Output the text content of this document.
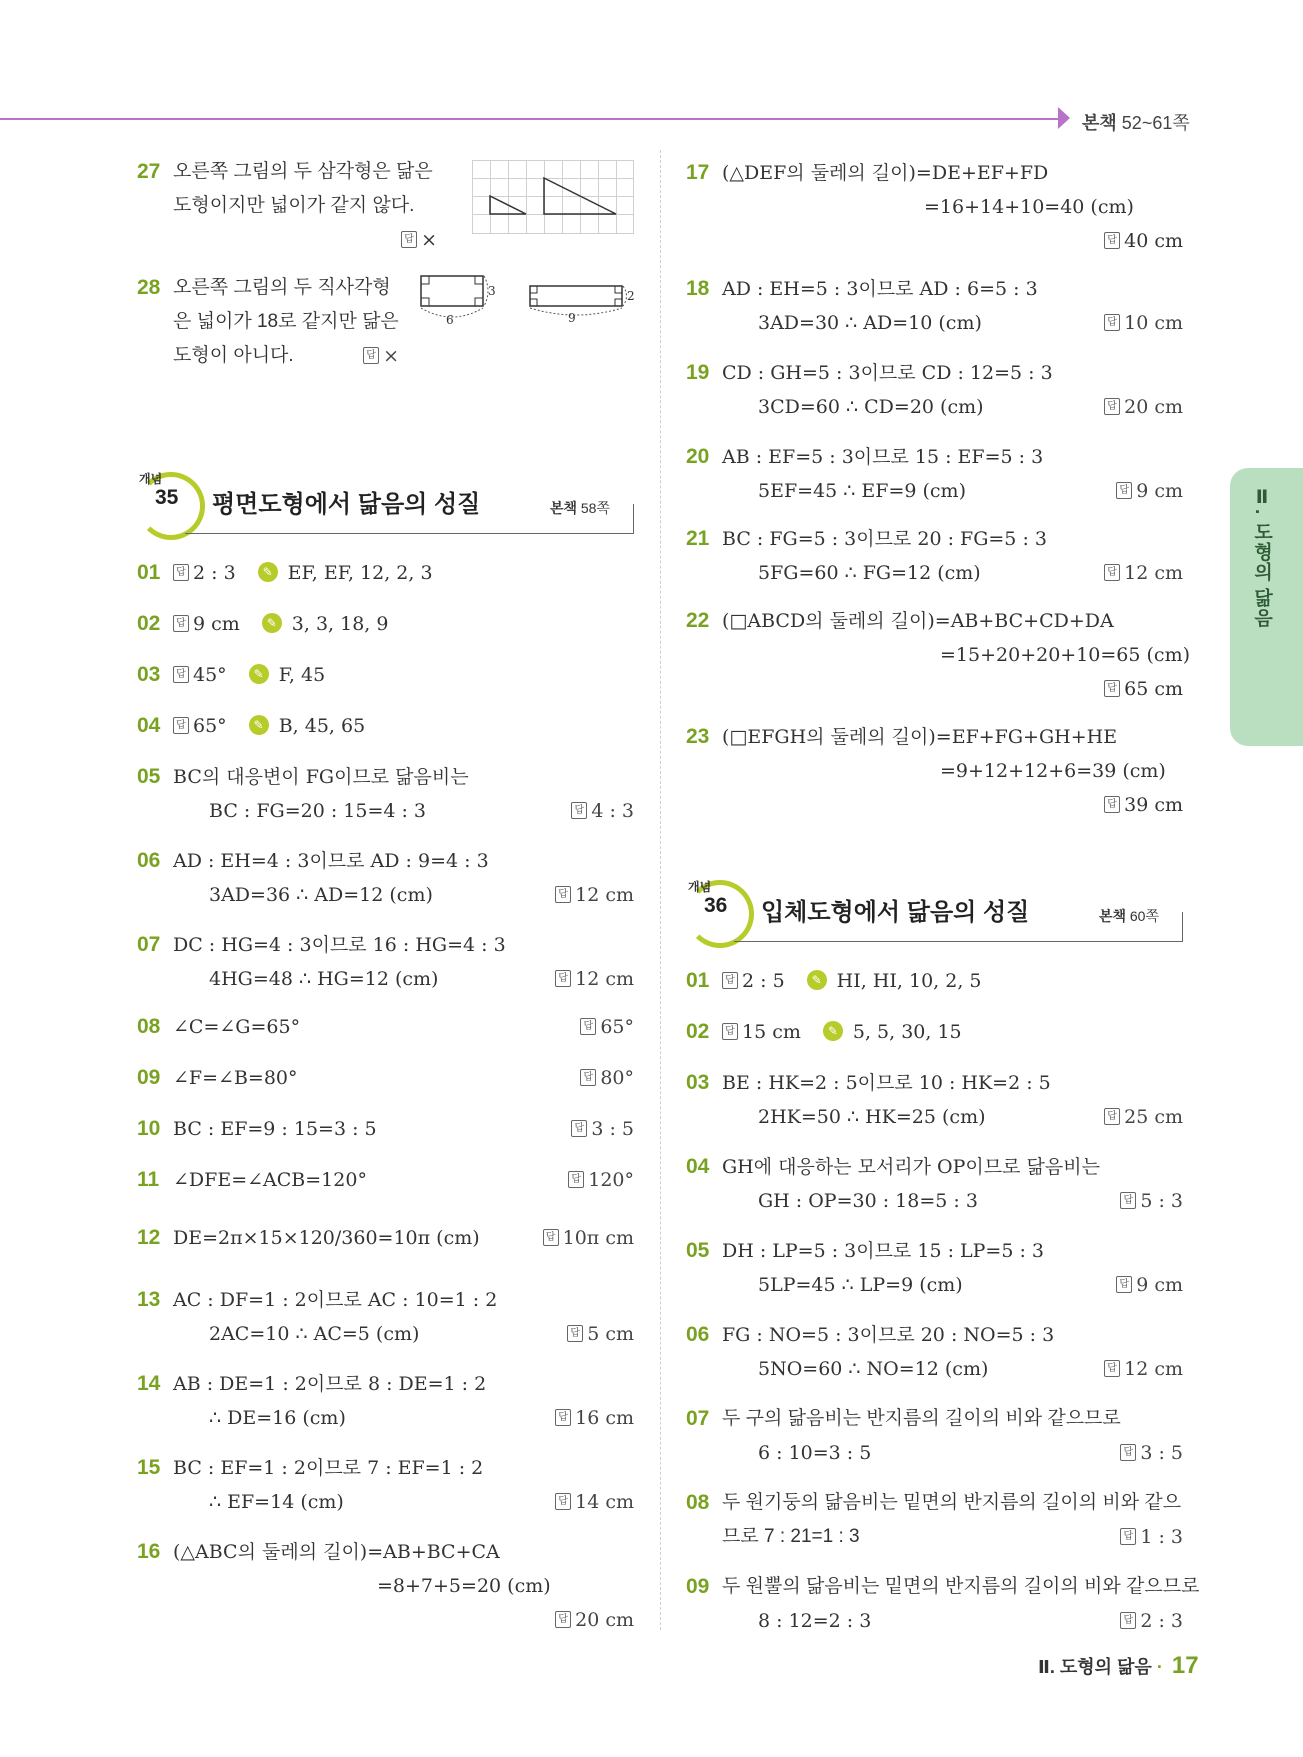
본책 52~61쪽
Ⅱ. 도형의 닮음
27 오른쪽 그림의 두 삼각형은 닮은
도형이지만 넓이가 같지 않다.
답 ×
28 오른쪽 그림의 두 직사각형
은 넓이가 18로 같지만 닮은
도형이 아니다.	답 ×
6
3
9
2
개념
35 평면도형에서 닮음의 성질	본책 58쪽
01	답 2 : 3 ✎ EF, EF, 12, 2, 3
02	답 9 cm ✎ 3, 3, 18, 9
03	답 45° ✎ F, 45
04	답 65° ✎ B, 45, 65
05 BC의 대응변이 FG이므로 닮음비는
BC : FG=20 : 15=4 : 3	답 4 : 3
06 AD : EH=4 : 3이므로 AD : 9=4 : 3
3AD=36 ∴ AD=12 (cm)	답 12 cm
07 DC : HG=4 : 3이므로 16 : HG=4 : 3
4HG=48 ∴ HG=12 (cm)	답 12 cm
08 ∠C=∠G=65°	답 65°
09 ∠F=∠B=80°	답 80°
10 BC : EF=9 : 15=3 : 5	답 3 : 5
11 ∠DFE=∠ACB=120°	답 120°
12 DE=2π×15×120/360=10π (cm)	답 10π cm
13 AC : DF=1 : 2이므로 AC : 10=1 : 2
2AC=10 ∴ AC=5 (cm)	답 5 cm
14 AB : DE=1 : 2이므로 8 : DE=1 : 2
∴ DE=16 (cm)	답 16 cm
15 BC : EF=1 : 2이므로 7 : EF=1 : 2
∴ EF=14 (cm)	답 14 cm
16 (△ABC의 둘레의 길이)=AB+BC+CA
=8+7+5=20 (cm)
답 20 cm
17 (△DEF의 둘레의 길이)=DE+EF+FD
=16+14+10=40 (cm)
답 40 cm
18 AD : EH=5 : 3이므로 AD : 6=5 : 3
3AD=30 ∴ AD=10 (cm)	답 10 cm
19 CD : GH=5 : 3이므로 CD : 12=5 : 3
3CD=60 ∴ CD=20 (cm)	답 20 cm
20 AB : EF=5 : 3이므로 15 : EF=5 : 3
5EF=45 ∴ EF=9 (cm)	답 9 cm
21 BC : FG=5 : 3이므로 20 : FG=5 : 3
5FG=60 ∴ FG=12 (cm)	답 12 cm
22 (□ABCD의 둘레의 길이)=AB+BC+CD+DA
=15+20+20+10=65 (cm)
답 65 cm
23 (□EFGH의 둘레의 길이)=EF+FG+GH+HE
=9+12+12+6=39 (cm)
답 39 cm
개념
36 입체도형에서 닮음의 성질	본책 60쪽
01	답 2 : 5 ✎ HI, HI, 10, 2, 5
02	답 15 cm ✎ 5, 5, 30, 15
03 BE : HK=2 : 5이므로 10 : HK=2 : 5
2HK=50 ∴ HK=25 (cm)	답 25 cm
04 GH에 대응하는 모서리가 OP이므로 닮음비는
GH : OP=30 : 18=5 : 3	답 5 : 3
05 DH : LP=5 : 3이므로 15 : LP=5 : 3
5LP=45 ∴ LP=9 (cm)	답 9 cm
06 FG : NO=5 : 3이므로 20 : NO=5 : 3
5NO=60 ∴ NO=12 (cm)	답 12 cm
07 두 구의 닮음비는 반지름의 길이의 비와 같으므로
6 : 10=3 : 5	답 3 : 5
08 두 원기둥의 닮음비는 밑면의 반지름의 길이의 비와 같으
므로 7 : 21=1 : 3	답 1 : 3
09 두 원뿔의 닮음비는 밑면의 반지름의 길이의 비와 같으므로
8 : 12=2 : 3	답 2 : 3
Ⅱ. 도형의 닮음 · 17
